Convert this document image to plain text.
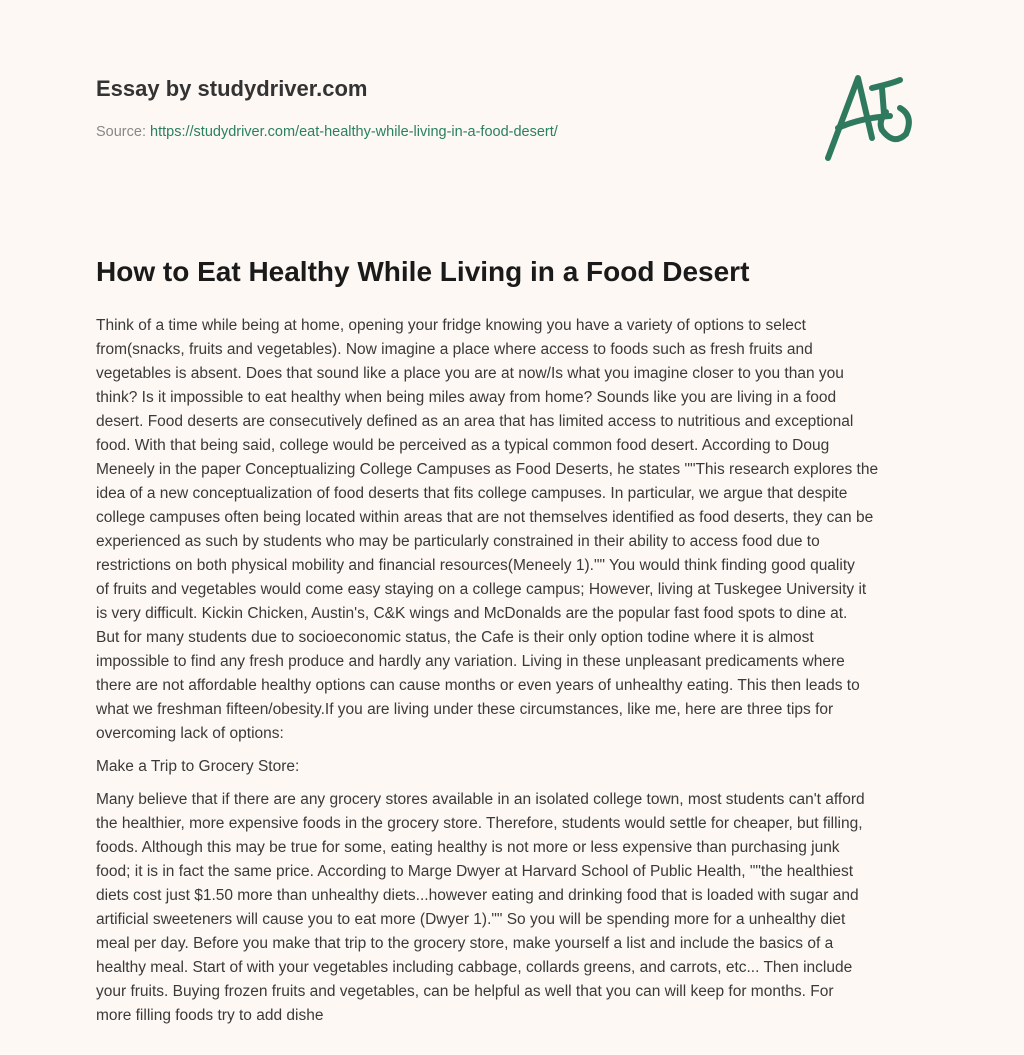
Essay by studydriver.com
Source: https://studydriver.com/eat-healthy-while-living-in-a-food-desert/
How to Eat Healthy While Living in a Food Desert
Think of a time while being at home, opening your fridge knowing you have a variety of options to select
from(snacks, fruits and vegetables). Now imagine a place where access to foods such as fresh fruits and
vegetables is absent. Does that sound like a place you are at now/Is what you imagine closer to you than you
think? Is it impossible to eat healthy when being miles away from home? Sounds like you are living in a food
desert. Food deserts are consecutively defined as an area that has limited access to nutritious and exceptional
food. With that being said, college would be perceived as a typical common food desert. According to Doug
Meneely in the paper Conceptualizing College Campuses as Food Deserts, he states ""This research explores the
idea of a new conceptualization of food deserts that fits college campuses. In particular, we argue that despite
college campuses often being located within areas that are not themselves identified as food deserts, they can be
experienced as such by students who may be particularly constrained in their ability to access food due to
restrictions on both physical mobility and financial resources(Meneely 1)."" You would think finding good quality
of fruits and vegetables would come easy staying on a college campus; However, living at Tuskegee University it
is very difficult. Kickin Chicken, Austin's, C&K wings and McDonalds are the popular fast food spots to dine at.
But for many students due to socioeconomic status, the Cafe is their only option todine where it is almost
impossible to find any fresh produce and hardly any variation. Living in these unpleasant predicaments where
there are not affordable healthy options can cause months or even years of unhealthy eating. This then leads to
what we freshman fifteen/obesity.If you are living under these circumstances, like me, here are three tips for
overcoming lack of options:
Make a Trip to Grocery Store:
Many believe that if there are any grocery stores available in an isolated college town, most students can't afford
the healthier, more expensive foods in the grocery store. Therefore, students would settle for cheaper, but filling,
foods. Although this may be true for some, eating healthy is not more or less expensive than purchasing junk
food; it is in fact the same price. According to Marge Dwyer at Harvard School of Public Health, ""the healthiest
diets cost just $1.50 more than unhealthy diets...however eating and drinking food that is loaded with sugar and
artificial sweeteners will cause you to eat more (Dwyer 1)."" So you will be spending more for a unhealthy diet
meal per day. Before you make that trip to the grocery store, make yourself a list and include the basics of a
healthy meal. Start of with your vegetables including cabbage, collards greens, and carrots, etc... Then include
your fruits. Buying frozen fruits and vegetables, can be helpful as well that you can will keep for months. For
more filling foods try to add dishe
